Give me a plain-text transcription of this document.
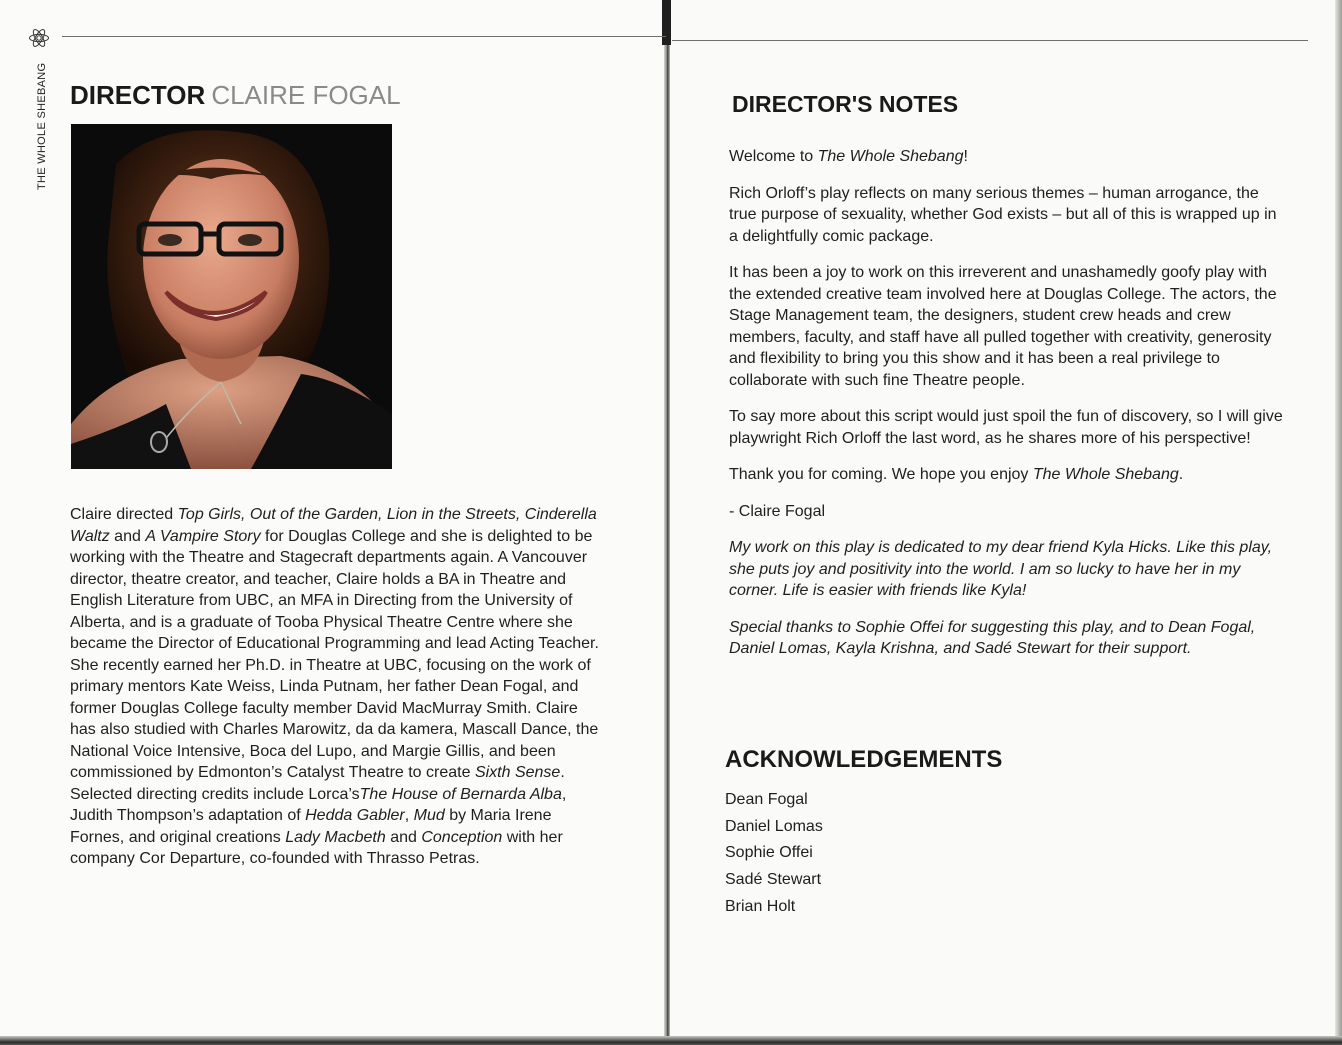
THE WHOLE SHEBANG DIRECTOR CLAIRE FOGAL

Claire directed Top Girls, Out of the Garden, Lion in the Streets, Cinderella Waltz and A Vampire Story for Douglas College and she is delighted to be working with the Theatre and Stagecraft departments again. A Vancouver director, theatre creator, and teacher, Claire holds a BA in Theatre and English Literature from UBC, an MFA in Directing from the University of Alberta, and is a graduate of Tooba Physical Theatre Centre where she became the Director of Educational Programming and lead Acting Teacher. She recently earned her Ph.D. in Theatre at UBC, focusing on the work of primary mentors Kate Weiss, Linda Putnam, her father Dean Fogal, and former Douglas College faculty member David MacMurray Smith. Claire has also studied with Charles Marowitz, da da kamera, Mascall Dance, the National Voice Intensive, Boca del Lupo, and Margie Gillis, and been commissioned by Edmonton’s Catalyst Theatre to create Sixth Sense. Selected directing credits include Lorca’sThe House of Bernarda Alba, Judith Thompson’s adaptation of Hedda Gabler, Mud by Maria Irene Fornes, and original creations Lady Macbeth and Conception with her company Cor Departure, co-founded with Thrasso Petras.

DIRECTOR'S NOTES

Welcome to The Whole Shebang!

Rich Orloff’s play reflects on many serious themes – human arrogance, the true purpose of sexuality, whether God exists – but all of this is wrapped up in a delightfully comic package.

It has been a joy to work on this irreverent and unashamedly goofy play with the extended creative team involved here at Douglas College. The actors, the Stage Management team, the designers, student crew heads and crew members, faculty, and staff have all pulled together with creativity, generosity and flexibility to bring you this show and it has been a real privilege to collaborate with such fine Theatre people.

To say more about this script would just spoil the fun of discovery, so I will give playwright Rich Orloff the last word, as he shares more of his perspective!

Thank you for coming. We hope you enjoy The Whole Shebang.

- Claire Fogal

My work on this play is dedicated to my dear friend Kyla Hicks. Like this play, she puts joy and positivity into the world. I am so lucky to have her in my corner. Life is easier with friends like Kyla!

Special thanks to Sophie Offei for suggesting this play, and to Dean Fogal, Daniel Lomas, Kayla Krishna, and Sadé Stewart for their support.

ACKNOWLEDGEMENTS
Dean Fogal
Daniel Lomas
Sophie Offei
Sadé Stewart
Brian Holt
